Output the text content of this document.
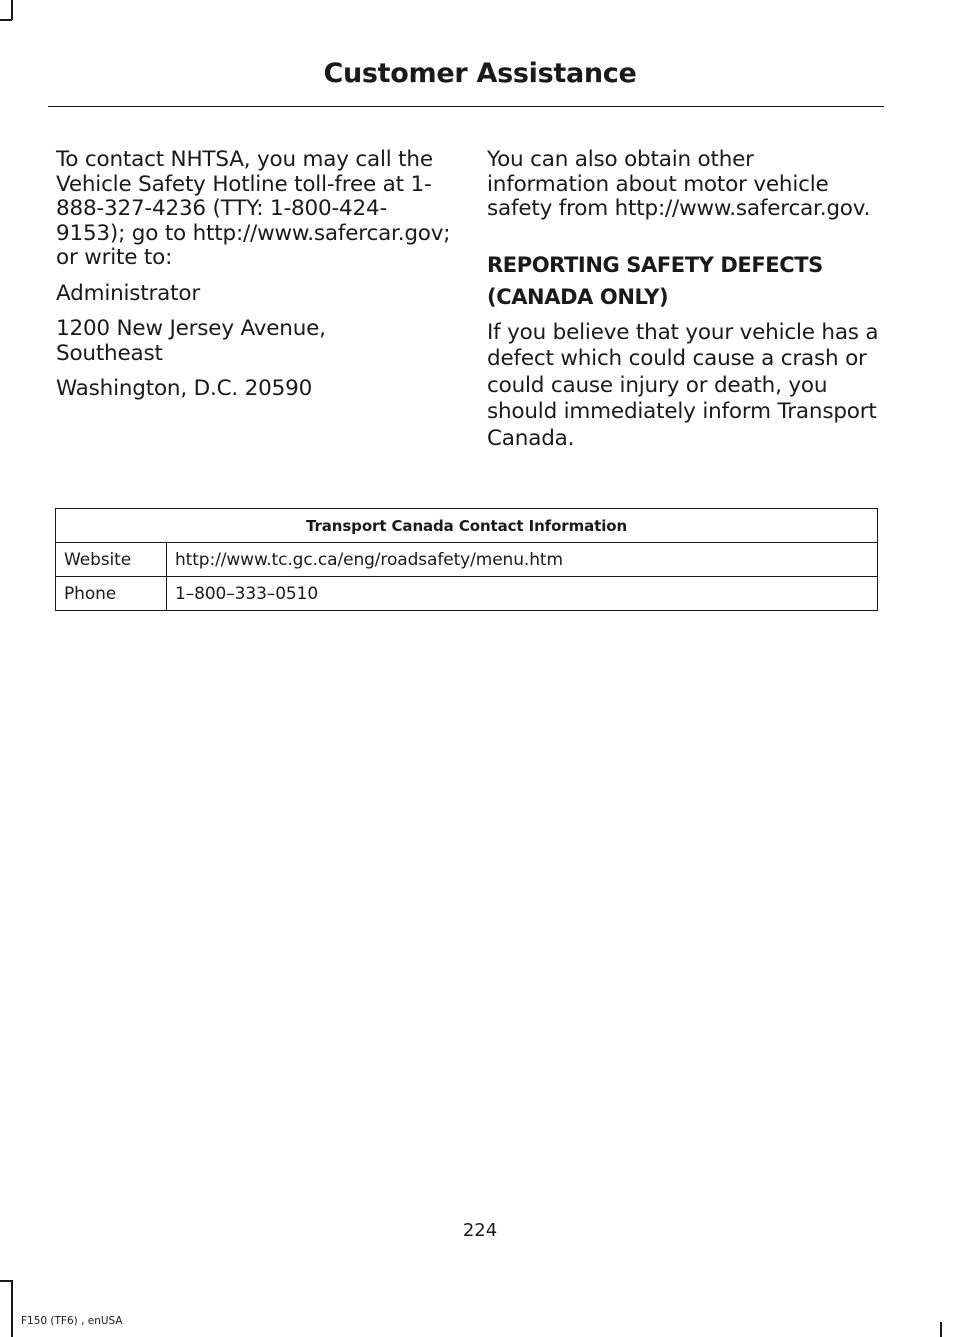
Customer Assistance

To contact NHTSA, you may call the Vehicle Safety Hotline toll-free at 1-888-327-4236 (TTY: 1-800-424-9153); go to http://www.safercar.gov; or write to:

Administrator

1200 New Jersey Avenue, Southeast

Washington, D.C. 20590

You can also obtain other information about motor vehicle safety from http://www.safercar.gov.

REPORTING SAFETY DEFECTS
(CANADA ONLY)

If you believe that your vehicle has a defect which could cause a crash or could cause injury or death, you should immediately inform Transport Canada.

Transport Canada Contact Information	
Website	http://www.tc.gc.ca/eng/roadsafety/menu.htm
Phone	1–800–333–0510
224
F150 (TF6) , enUSA
